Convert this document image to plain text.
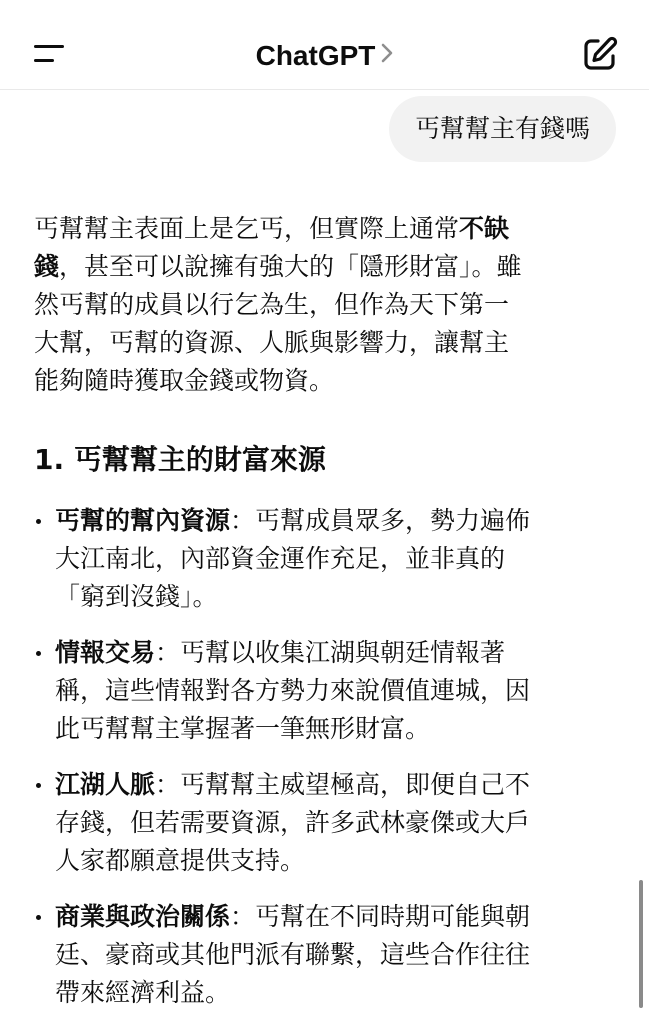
ChatGPT
丐幫幫主有錢嗎

丐幫幫主表面上是乞丐，但實際上通常不缺
錢，甚至可以說擁有強大的「隱形財富」。雖
然丐幫的成員以行乞為生，但作為天下第一
大幫，丐幫的資源、人脈與影響力，讓幫主
能夠隨時獲取金錢或物資。

1. 丐幫幫主的財富來源
丐幫的幫內資源：丐幫成員眾多，勢力遍佈
大江南北，內部資金運作充足，並非真的
「窮到沒錢」。
情報交易：丐幫以收集江湖與朝廷情報著
稱，這些情報對各方勢力來說價值連城，因
此丐幫幫主掌握著一筆無形財富。
江湖人脈：丐幫幫主威望極高，即便自己不
存錢，但若需要資源，許多武林豪傑或大戶
人家都願意提供支持。
商業與政治關係：丐幫在不同時期可能與朝
廷、豪商或其他門派有聯繫，這些合作往往
帶來經濟利益。
